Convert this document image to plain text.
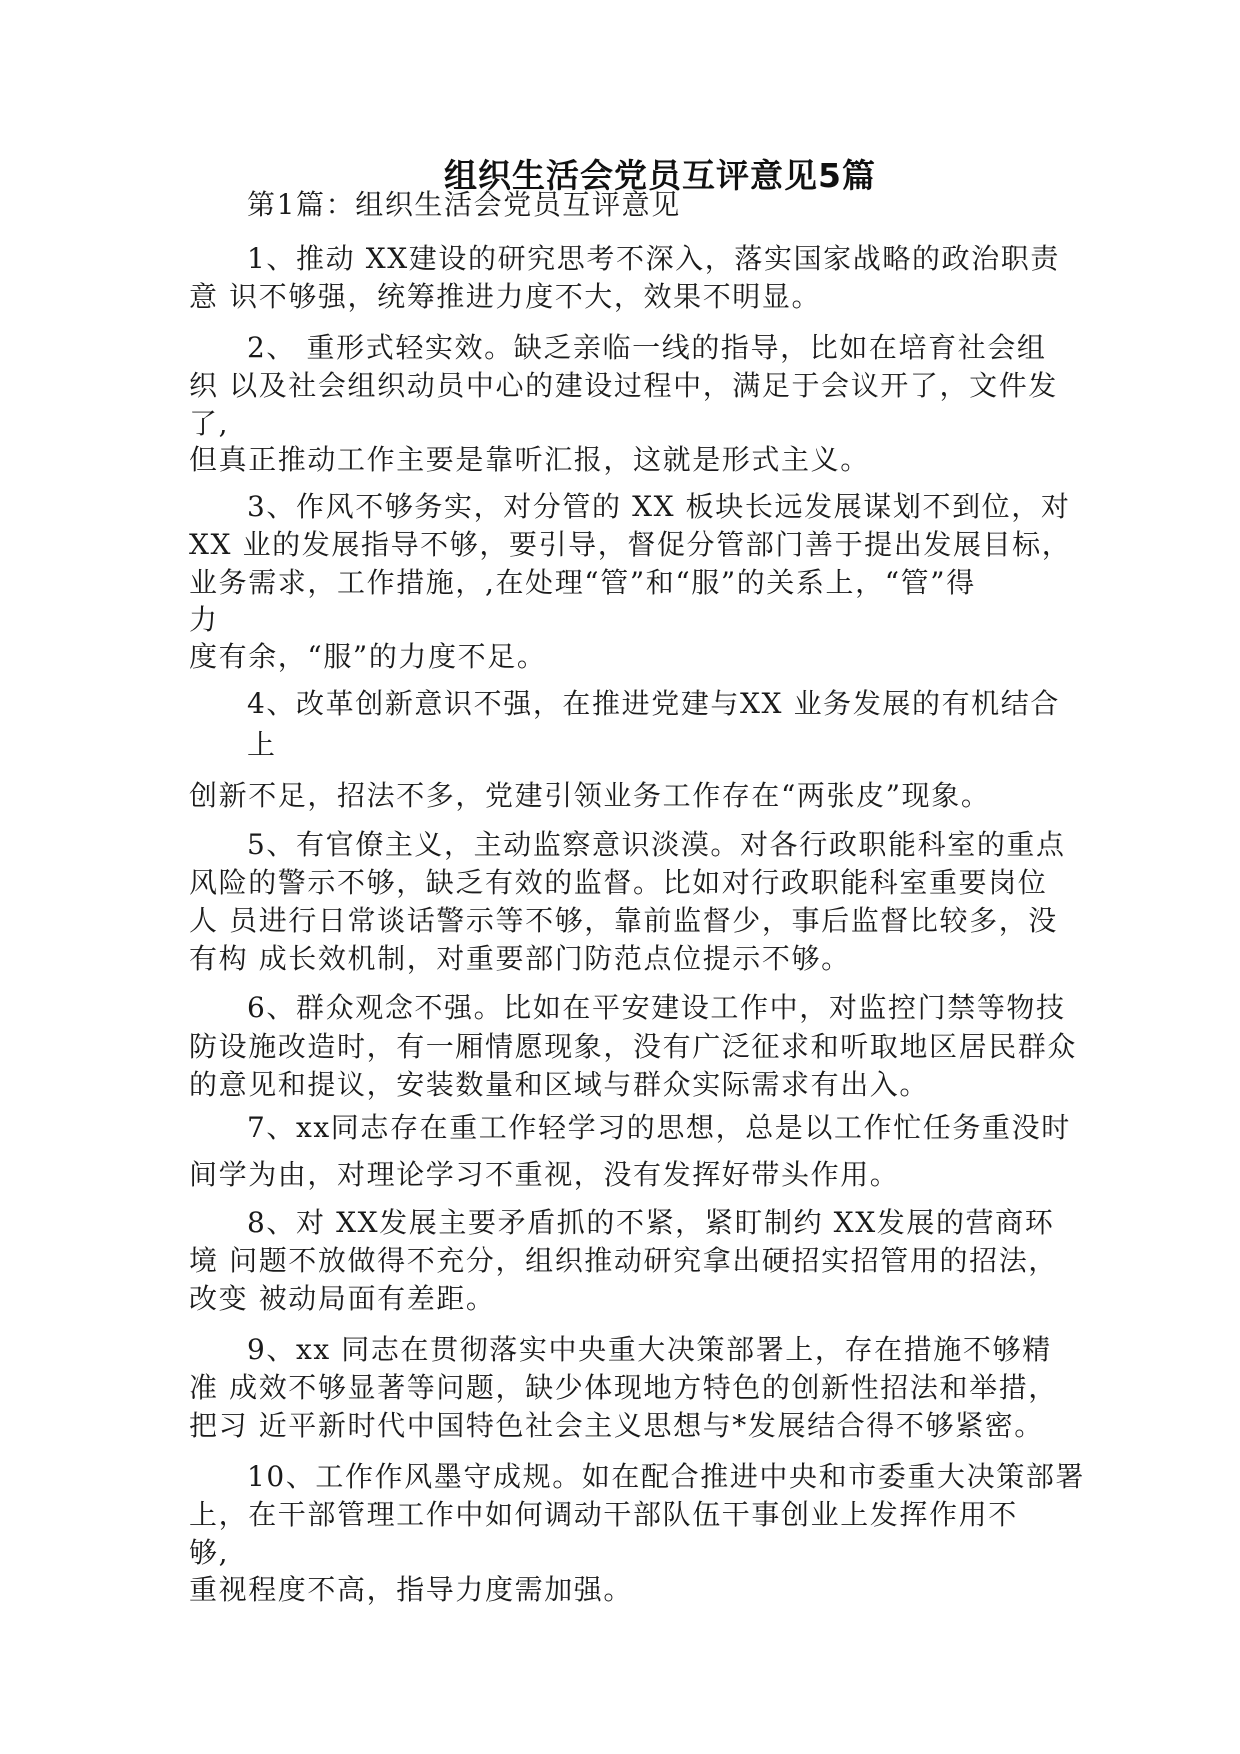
组织生活会党员互评意见5篇

第1篇：组织生活会党员互评意见

1、推动 XX建设的研究思考不深入，落实国家战略的政治职责

意 识不够强，统筹推进力度不大，效果不明显。

2、 重形式轻实效。缺乏亲临一线的指导，比如在培育社会组

织 以及社会组织动员中心的建设过程中，满足于会议开了，文件发

了,

但真正推动工作主要是靠听汇报，这就是形式主义。

3、作风不够务实，对分管的 XX 板块长远发展谋划不到位，对

XX 业的发展指导不够，要引导，督促分管部门善于提出发展目标，

业务需求，工作措施，,在处理“管”和“服”的关系上，“管”得

力

度有余，“服”的力度不足。

4、改革创新意识不强，在推进党建与XX 业务发展的有机结合

上

创新不足，招法不多，党建引领业务工作存在“两张皮”现象。

5、有官僚主义，主动监察意识淡漠。对各行政职能科室的重点

风险的警示不够，缺乏有效的监督。比如对行政职能科室重要岗位

人 员进行日常谈话警示等不够，靠前监督少，事后监督比较多，没

有构 成长效机制，对重要部门防范点位提示不够。

6、群众观念不强。比如在平安建设工作中，对监控门禁等物技

防设施改造时，有一厢情愿现象，没有广泛征求和听取地区居民群众

的意见和提议，安装数量和区域与群众实际需求有出入。

7、xx同志存在重工作轻学习的思想，总是以工作忙任务重没时

间学为由，对理论学习不重视，没有发挥好带头作用。

8、对 XX发展主要矛盾抓的不紧，紧盯制约 XX发展的营商环

境 问题不放做得不充分，组织推动研究拿出硬招实招管用的招法，

改变 被动局面有差距。

9、xx 同志在贯彻落实中央重大决策部署上，存在措施不够精

准 成效不够显著等问题，缺少体现地方特色的创新性招法和举措，

把习 近平新时代中国特色社会主义思想与*发展结合得不够紧密。

10、工作作风墨守成规。如在配合推进中央和市委重大决策部署

上，在干部管理工作中如何调动干部队伍干事创业上发挥作用不

够,

重视程度不高，指导力度需加强。
